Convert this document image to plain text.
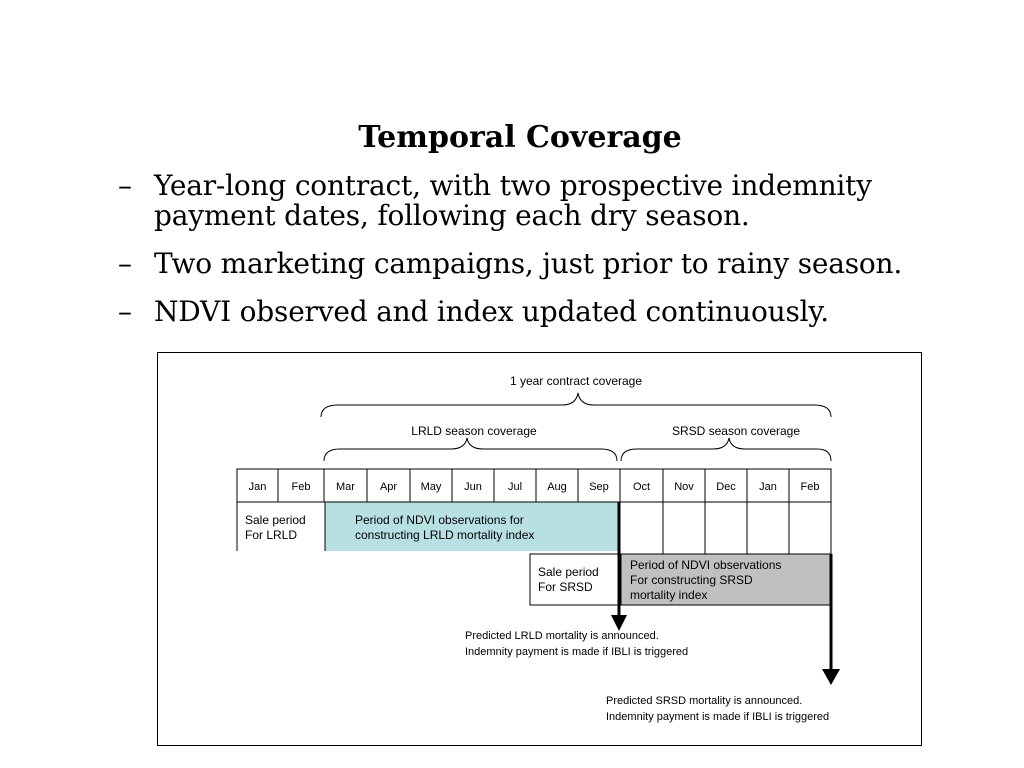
Temporal Coverage
– Year-long contract, with two prospective indemnity
payment dates, following each dry season.
– Two marketing campaigns, just prior to rainy season.
– NDVI observed and index updated continuously.
1 year contract coverage
LRLD season coverage	SRSD season coverage
Jan Feb Mar Apr May Jun Jul Aug Sep Oct Nov Dec Jan Feb
Sale period
For LRLD
Period of NDVI observations for
constructing LRLD mortality index
Sale period
For SRSD
Period of NDVI observations
For constructing SRSD
mortality index
Predicted LRLD mortality is announced.
Indemnity payment is made if IBLI is triggered
Predicted SRSD mortality is announced.
Indemnity payment is made if IBLI is triggered
